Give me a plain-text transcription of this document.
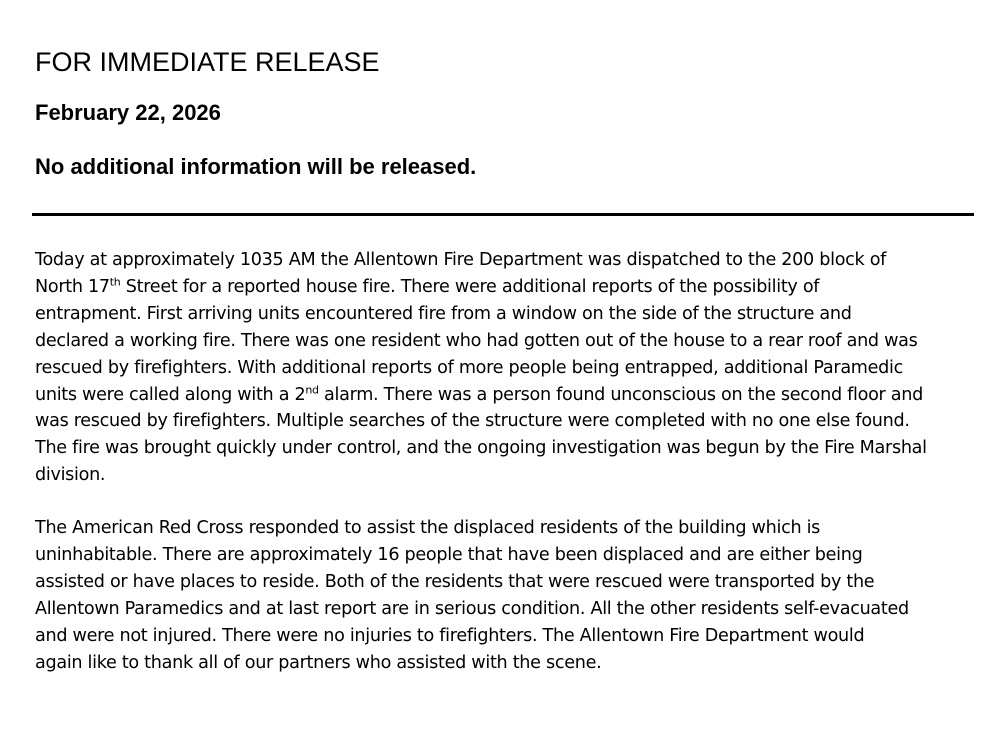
FOR IMMEDIATE RELEASE
February 22, 2026
No additional information will be released.
Today at approximately 1035 AM the Allentown Fire Department was dispatched to the 200 block of
North 17th Street for a reported house fire. There were additional reports of the possibility of
entrapment. First arriving units encountered fire from a window on the side of the structure and
declared a working fire. There was one resident who had gotten out of the house to a rear roof and was
rescued by firefighters. With additional reports of more people being entrapped, additional Paramedic
units were called along with a 2nd alarm. There was a person found unconscious on the second floor and
was rescued by firefighters. Multiple searches of the structure were completed with no one else found.
The fire was brought quickly under control, and the ongoing investigation was begun by the Fire Marshal
division.
The American Red Cross responded to assist the displaced residents of the building which is
uninhabitable. There are approximately 16 people that have been displaced and are either being
assisted or have places to reside. Both of the residents that were rescued were transported by the
Allentown Paramedics and at last report are in serious condition. All the other residents self-evacuated
and were not injured. There were no injuries to firefighters. The Allentown Fire Department would
again like to thank all of our partners who assisted with the scene.
